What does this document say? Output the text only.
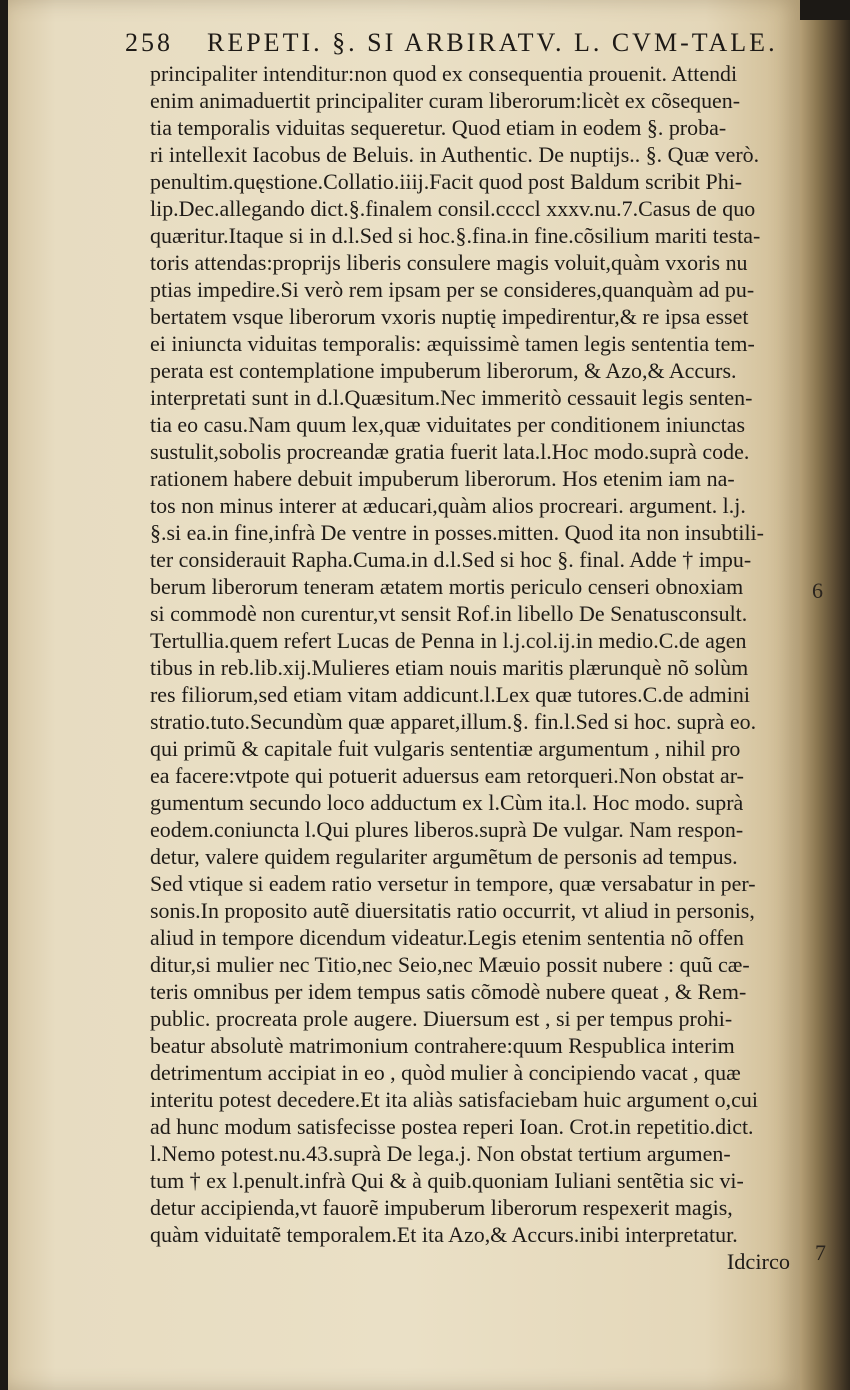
258 REPETI. §. SI ARBIRATV. L. CVM-TALE.
principaliter intenditur:non quod ex consequentia prouenit. Attendi
enim animaduertit principaliter curam liberorum:licèt ex cõsequen-
tia temporalis viduitas sequeretur. Quod etiam in eodem §. proba-
ri intellexit Iacobus de Beluis. in Authentic. De nuptijs.. §. Quæ verò.
penultim.quęstione.Collatio.iiij.Facit quod post Baldum scribit Phi-
lip.Dec.allegando dict.§.finalem consil.ccccl xxxv.nu.7.Casus de quo
quæritur.Itaque si in d.l.Sed si hoc.§.fina.in fine.cõsilium mariti testa-
toris attendas:proprijs liberis consulere magis voluit,quàm vxoris nu
ptias impedire.Si verò rem ipsam per se consideres,quanquàm ad pu-
bertatem vsque liberorum vxoris nuptię impedirentur,& re ipsa esset
ei iniuncta viduitas temporalis: æquissimè tamen legis sententia tem-
perata est contemplatione impuberum liberorum, & Azo,& Accurs.
interpretati sunt in d.l.Quæsitum.Nec immeritò cessauit legis senten-
tia eo casu.Nam quum lex,quæ viduitates per conditionem iniunctas
sustulit,sobolis procreandæ gratia fuerit lata.l.Hoc modo.suprà code.
rationem habere debuit impuberum liberorum. Hos etenim iam na-
tos non minus interer at æducari,quàm alios procreari. argument. l.j.
§.si ea.in fine,infrà De ventre in posses.mitten. Quod ita non insubtili-
ter considerauit Rapha.Cuma.in d.l.Sed si hoc §. final. Adde † impu-
berum liberorum teneram ætatem mortis periculo censeri obnoxiam
si commodè non curentur,vt sensit Rof.in libello De Senatusconsult.
Tertullia.quem refert Lucas de Penna in l.j.col.ij.in medio.C.de agen
tibus in reb.lib.xij.Mulieres etiam nouis maritis plærunquè nõ solùm
res filiorum,sed etiam vitam addicunt.l.Lex quæ tutores.C.de admini
stratio.tuto.Secundùm quæ apparet,illum.§. fin.l.Sed si hoc. suprà eo.
qui primũ & capitale fuit vulgaris sententiæ argumentum , nihil pro
ea facere:vtpote qui potuerit aduersus eam retorqueri.Non obstat ar-
gumentum secundo loco adductum ex l.Cùm ita.l. Hoc modo. suprà
eodem.coniuncta l.Qui plures liberos.suprà De vulgar. Nam respon-
detur, valere quidem regulariter argumẽtum de personis ad tempus.
Sed vtique si eadem ratio versetur in tempore, quæ versabatur in per-
sonis.In proposito autẽ diuersitatis ratio occurrit, vt aliud in personis,
aliud in tempore dicendum videatur.Legis etenim sententia nõ offen
ditur,si mulier nec Titio,nec Seio,nec Mæuio possit nubere : quũ cæ-
teris omnibus per idem tempus satis cõmodè nubere queat , & Rem-
public. procreata prole augere. Diuersum est , si per tempus prohi-
beatur absolutè matrimonium contrahere:quum Respublica interim
detrimentum accipiat in eo , quòd mulier à concipiendo vacat , quæ
interitu potest decedere.Et ita aliàs satisfaciebam huic argument o,cui
ad hunc modum satisfecisse postea reperi Ioan. Crot.in repetitio.dict.
l.Nemo potest.nu.43.suprà De lega.j. Non obstat tertium argumen-
tum † ex l.penult.infrà Qui & à quib.quoniam Iuliani sentẽtia sic vi-
detur accipienda,vt fauorẽ impuberum liberorum respexerit magis,
quàm viduitatẽ temporalem.Et ita Azo,& Accurs.inibi interpretatur.
Idcirco
6
7
